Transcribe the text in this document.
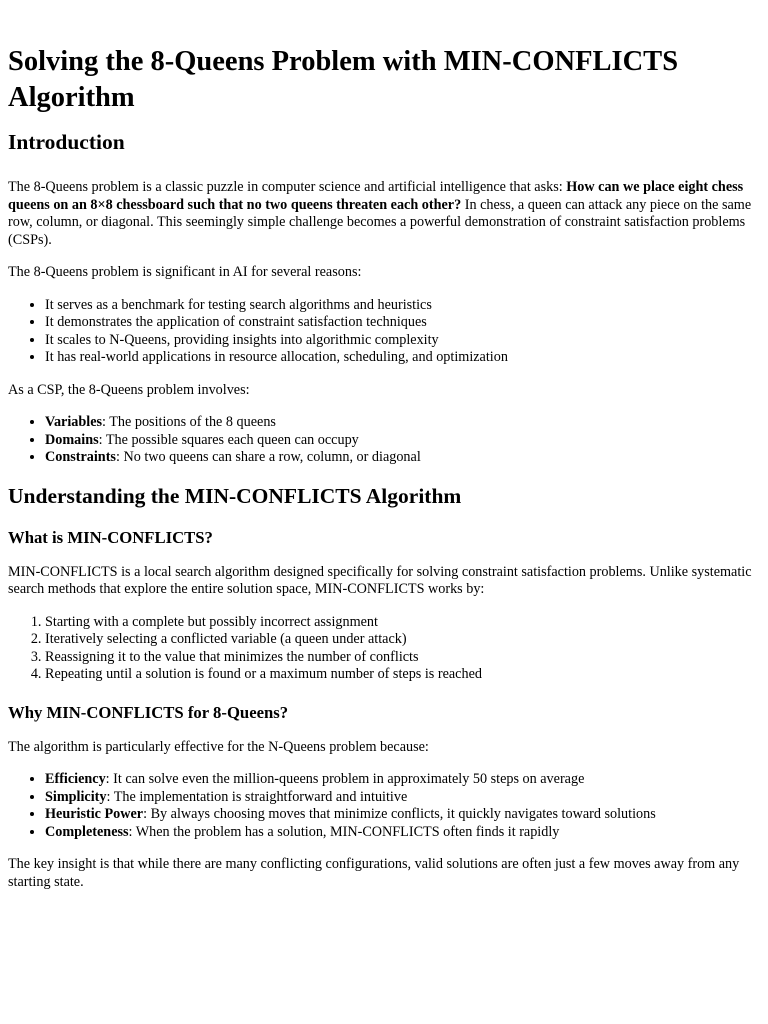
Solving the 8-Queens Problem with MIN-CONFLICTS Algorithm
Introduction

The 8-Queens problem is a classic puzzle in computer science and artificial intelligence that asks: How can we place eight chess queens on an 8×8 chessboard such that no two queens threaten each other? In chess, a queen can attack any piece on the same row, column, or diagonal. This seemingly simple challenge becomes a powerful demonstration of constraint satisfaction problems (CSPs).

The 8-Queens problem is significant in AI for several reasons:

• It serves as a benchmark for testing search algorithms and heuristics
• It demonstrates the application of constraint satisfaction techniques
• It scales to N-Queens, providing insights into algorithmic complexity
• It has real-world applications in resource allocation, scheduling, and optimization

As a CSP, the 8-Queens problem involves:

• Variables: The positions of the 8 queens
• Domains: The possible squares each queen can occupy
• Constraints: No two queens can share a row, column, or diagonal
Understanding the MIN-CONFLICTS Algorithm
What is MIN-CONFLICTS?

MIN-CONFLICTS is a local search algorithm designed specifically for solving constraint satisfaction problems. Unlike systematic search methods that explore the entire solution space, MIN-CONFLICTS works by:

1. Starting with a complete but possibly incorrect assignment
2. Iteratively selecting a conflicted variable (a queen under attack)
3. Reassigning it to the value that minimizes the number of conflicts
4. Repeating until a solution is found or a maximum number of steps is reached
Why MIN-CONFLICTS for 8-Queens?

The algorithm is particularly effective for the N-Queens problem because:

• Efficiency: It can solve even the million-queens problem in approximately 50 steps on average
• Simplicity: The implementation is straightforward and intuitive
• Heuristic Power: By always choosing moves that minimize conflicts, it quickly navigates toward solutions
• Completeness: When the problem has a solution, MIN-CONFLICTS often finds it rapidly

The key insight is that while there are many conflicting configurations, valid solutions are often just a few moves away from any starting state.
